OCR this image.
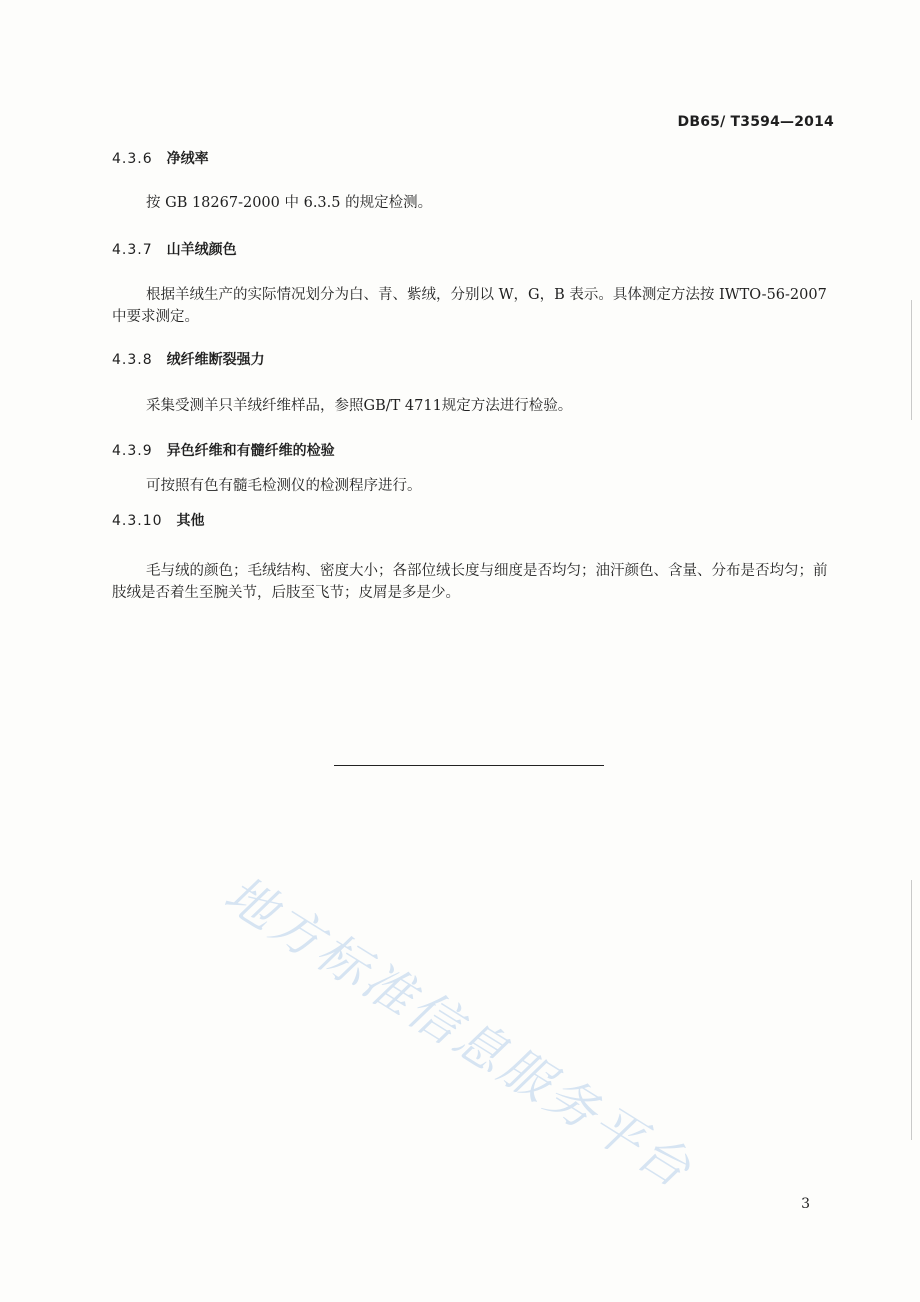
DB65/ T3594—2014
4.3.6 净绒率
按 GB 18267-2000 中 6.3.5 的规定检测。
4.3.7 山羊绒颜色
根据羊绒生产的实际情况划分为白、青、紫绒，分别以 W，G，B 表示。具体测定方法按 IWTO-56-2007 中要求测定。
4.3.8 绒纤维断裂强力
采集受测羊只羊绒纤维样品，参照GB/T 4711规定方法进行检验。
4.3.9 异色纤维和有髓纤维的检验
可按照有色有髓毛检测仪的检测程序进行。
4.3.10 其他
毛与绒的颜色；毛绒结构、密度大小；各部位绒长度与细度是否均匀；油汗颜色、含量、分布是否均匀；前肢绒是否着生至腕关节，后肢至飞节；皮屑是多是少。
地方标准信息服务平台
3
